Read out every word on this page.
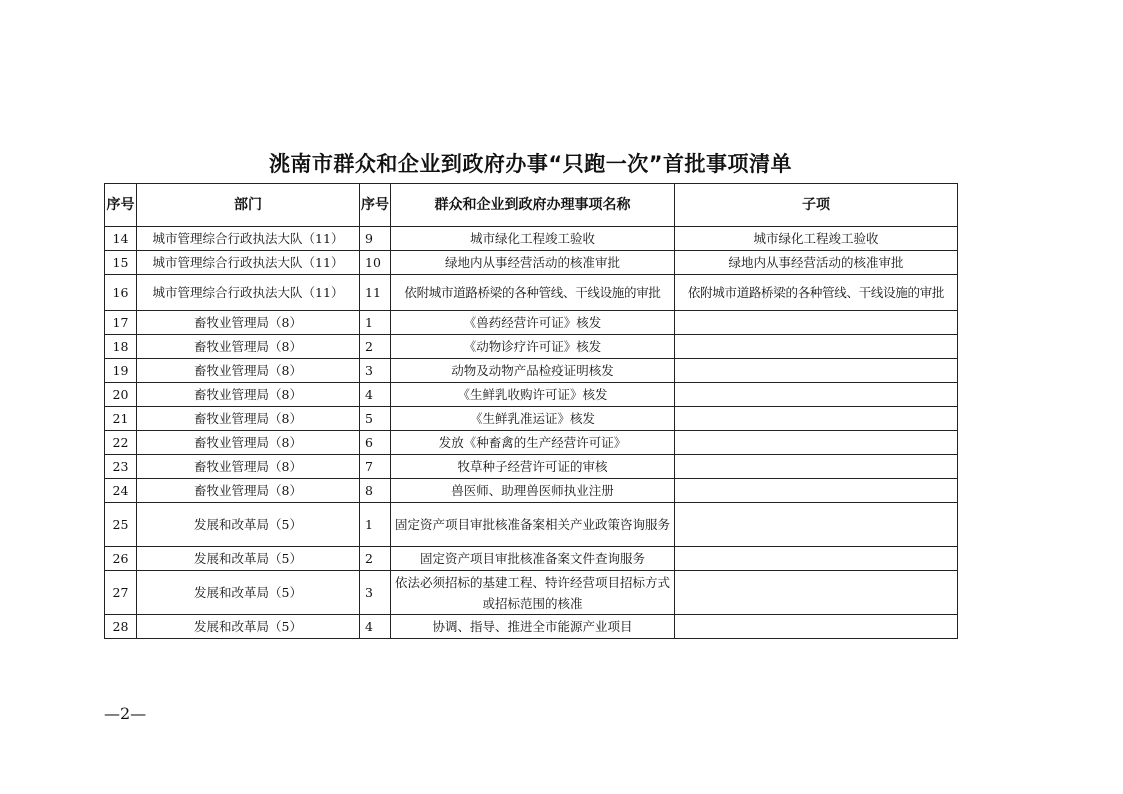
洮南市群众和企业到政府办事“只跑一次”首批事项清单
序号	部门	序号	群众和企业到政府办理事项名称	子项
14	城市管理综合行政执法大队（11）	9	城市绿化工程竣工验收	城市绿化工程竣工验收
15	城市管理综合行政执法大队（11）	10	绿地内从事经营活动的核准审批	绿地内从事经营活动的核准审批
16	城市管理综合行政执法大队（11）	11	依附城市道路桥梁的各种管线、干线设施的审批	依附城市道路桥梁的各种管线、干线设施的审批
17	畜牧业管理局（8）	1	《兽药经营许可证》核发	
18	畜牧业管理局（8）	2	《动物诊疗许可证》核发	
19	畜牧业管理局（8）	3	动物及动物产品检疫证明核发	
20	畜牧业管理局（8）	4	《生鲜乳收购许可证》核发	
21	畜牧业管理局（8）	5	《生鲜乳准运证》核发	
22	畜牧业管理局（8）	6	发放《种畜禽的生产经营许可证》	
23	畜牧业管理局（8）	7	牧草种子经营许可证的审核	
24	畜牧业管理局（8）	8	兽医师、助理兽医师执业注册	
25	发展和改革局（5）	1	固定资产项目审批核准备案相关产业政策咨询服务	
26	发展和改革局（5）	2	固定资产项目审批核准备案文件查询服务	
27	发展和改革局（5）	3	依法必须招标的基建工程、特许经营项目招标方式或招标范围的核准	
28	发展和改革局（5）	4	协调、指导、推进全市能源产业项目	
—2—
